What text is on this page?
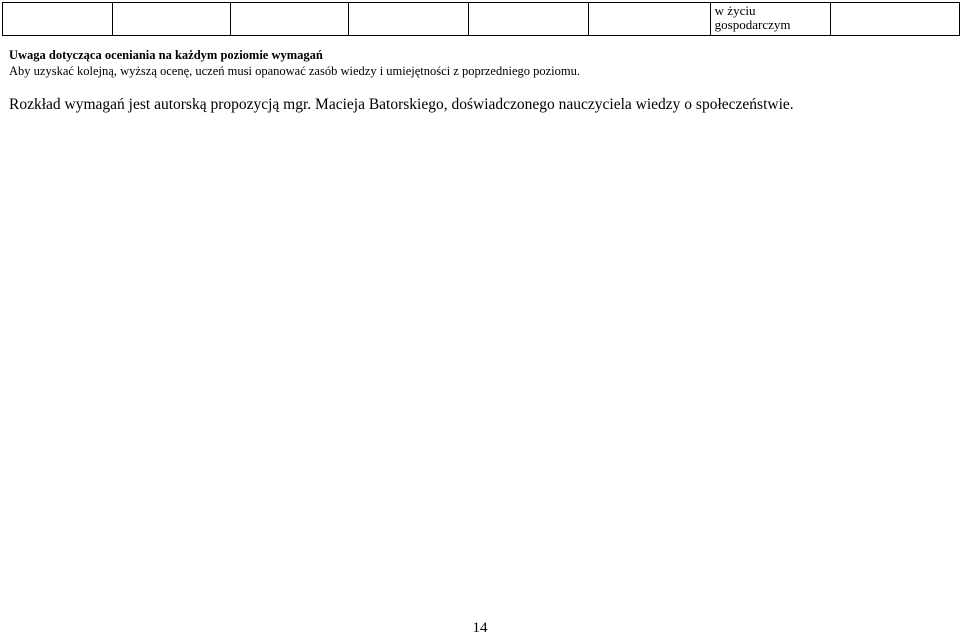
						w życiu gospodarczym	

Uwaga dotycząca oceniania na każdym poziomie wymagań

Aby uzyskać kolejną, wyższą ocenę, uczeń musi opanować zasób wiedzy i umiejętności z poprzedniego poziomu.

Rozkład wymagań jest autorską propozycją mgr. Macieja Batorskiego, doświadczonego nauczyciela wiedzy o społeczeństwie.

14
